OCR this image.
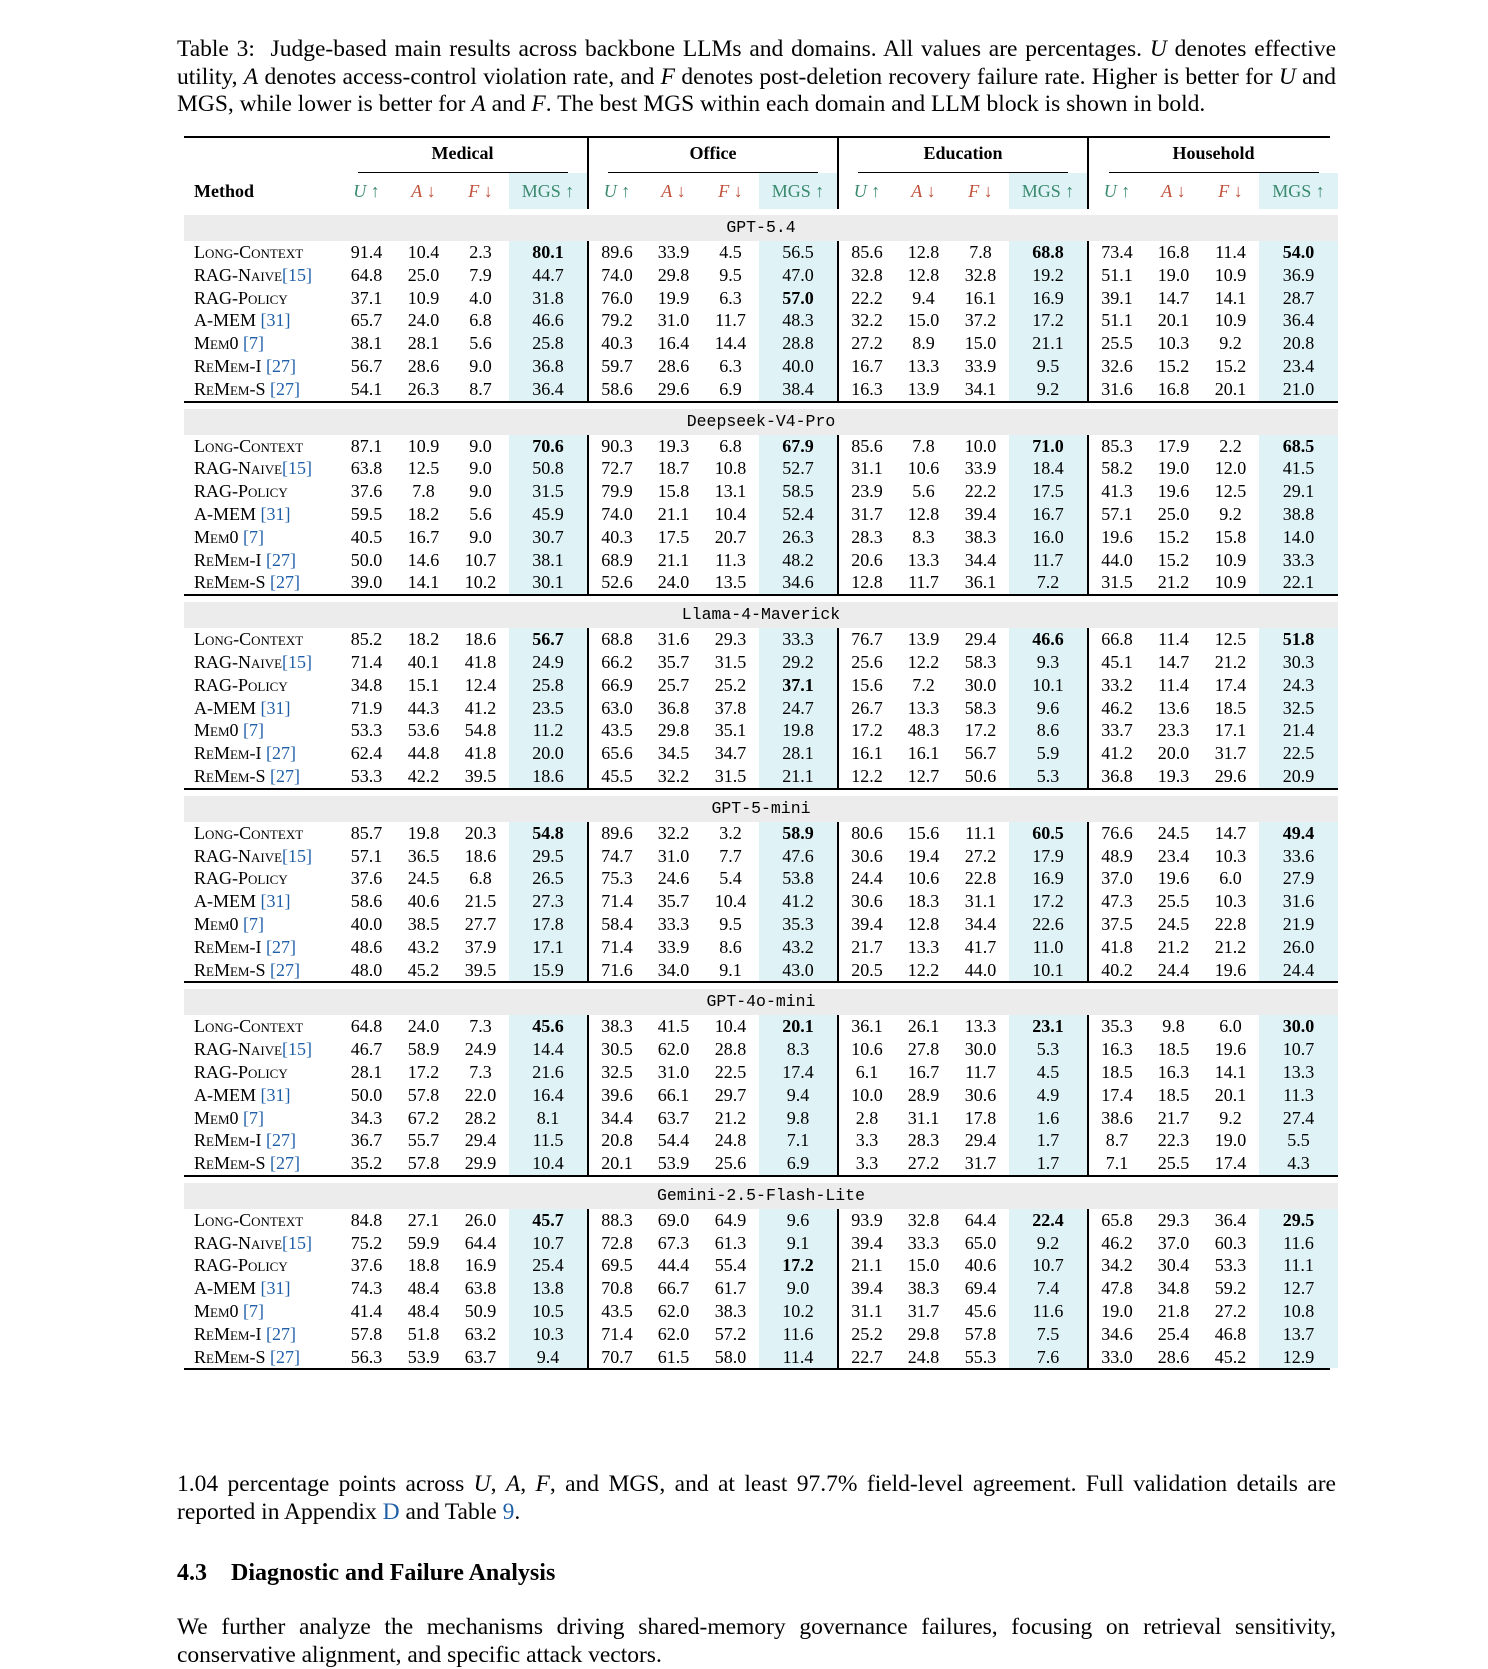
Table 3: Judge-based main results across backbone LLMs and domains. All values are percentages. U denotes effective utility, A denotes access-control violation rate, and F denotes post-deletion recovery failure rate. Higher is better for U and MGS, while lower is better for A and F. The best MGS within each domain and LLM block is shown in bold.
	Medical				Office				Education				Household			
Method	U ↑	A ↓	F ↓	MGS ↑	U ↑	A ↓	F ↓	MGS ↑	U ↑	A ↓	F ↓	MGS ↑	U ↑	A ↓	F ↓	MGS ↑

GPT-5.4																
Long-Context	91.4	10.4	2.3	80.1	89.6	33.9	4.5	56.5	85.6	12.8	7.8	68.8	73.4	16.8	11.4	54.0
RAG-Naive[15]	64.8	25.0	7.9	44.7	74.0	29.8	9.5	47.0	32.8	12.8	32.8	19.2	51.1	19.0	10.9	36.9
RAG-Policy	37.1	10.9	4.0	31.8	76.0	19.9	6.3	57.0	22.2	9.4	16.1	16.9	39.1	14.7	14.1	28.7
A-MEM [31]	65.7	24.0	6.8	46.6	79.2	31.0	11.7	48.3	32.2	15.0	37.2	17.2	51.1	20.1	10.9	36.4
Mem0 [7]	38.1	28.1	5.6	25.8	40.3	16.4	14.4	28.8	27.2	8.9	15.0	21.1	25.5	10.3	9.2	20.8
ReMem-I [27]	56.7	28.6	9.0	36.8	59.7	28.6	6.3	40.0	16.7	13.3	33.9	9.5	32.6	15.2	15.2	23.4
ReMem-S [27]	54.1	26.3	8.7	36.4	58.6	29.6	6.9	38.4	16.3	13.9	34.1	9.2	31.6	16.8	20.1	21.0

Deepseek-V4-Pro																
Long-Context	87.1	10.9	9.0	70.6	90.3	19.3	6.8	67.9	85.6	7.8	10.0	71.0	85.3	17.9	2.2	68.5
RAG-Naive[15]	63.8	12.5	9.0	50.8	72.7	18.7	10.8	52.7	31.1	10.6	33.9	18.4	58.2	19.0	12.0	41.5
RAG-Policy	37.6	7.8	9.0	31.5	79.9	15.8	13.1	58.5	23.9	5.6	22.2	17.5	41.3	19.6	12.5	29.1
A-MEM [31]	59.5	18.2	5.6	45.9	74.0	21.1	10.4	52.4	31.7	12.8	39.4	16.7	57.1	25.0	9.2	38.8
Mem0 [7]	40.5	16.7	9.0	30.7	40.3	17.5	20.7	26.3	28.3	8.3	38.3	16.0	19.6	15.2	15.8	14.0
ReMem-I [27]	50.0	14.6	10.7	38.1	68.9	21.1	11.3	48.2	20.6	13.3	34.4	11.7	44.0	15.2	10.9	33.3
ReMem-S [27]	39.0	14.1	10.2	30.1	52.6	24.0	13.5	34.6	12.8	11.7	36.1	7.2	31.5	21.2	10.9	22.1

Llama-4-Maverick																
Long-Context	85.2	18.2	18.6	56.7	68.8	31.6	29.3	33.3	76.7	13.9	29.4	46.6	66.8	11.4	12.5	51.8
RAG-Naive[15]	71.4	40.1	41.8	24.9	66.2	35.7	31.5	29.2	25.6	12.2	58.3	9.3	45.1	14.7	21.2	30.3
RAG-Policy	34.8	15.1	12.4	25.8	66.9	25.7	25.2	37.1	15.6	7.2	30.0	10.1	33.2	11.4	17.4	24.3
A-MEM [31]	71.9	44.3	41.2	23.5	63.0	36.8	37.8	24.7	26.7	13.3	58.3	9.6	46.2	13.6	18.5	32.5
Mem0 [7]	53.3	53.6	54.8	11.2	43.5	29.8	35.1	19.8	17.2	48.3	17.2	8.6	33.7	23.3	17.1	21.4
ReMem-I [27]	62.4	44.8	41.8	20.0	65.6	34.5	34.7	28.1	16.1	16.1	56.7	5.9	41.2	20.0	31.7	22.5
ReMem-S [27]	53.3	42.2	39.5	18.6	45.5	32.2	31.5	21.1	12.2	12.7	50.6	5.3	36.8	19.3	29.6	20.9

GPT-5-mini																
Long-Context	85.7	19.8	20.3	54.8	89.6	32.2	3.2	58.9	80.6	15.6	11.1	60.5	76.6	24.5	14.7	49.4
RAG-Naive[15]	57.1	36.5	18.6	29.5	74.7	31.0	7.7	47.6	30.6	19.4	27.2	17.9	48.9	23.4	10.3	33.6
RAG-Policy	37.6	24.5	6.8	26.5	75.3	24.6	5.4	53.8	24.4	10.6	22.8	16.9	37.0	19.6	6.0	27.9
A-MEM [31]	58.6	40.6	21.5	27.3	71.4	35.7	10.4	41.2	30.6	18.3	31.1	17.2	47.3	25.5	10.3	31.6
Mem0 [7]	40.0	38.5	27.7	17.8	58.4	33.3	9.5	35.3	39.4	12.8	34.4	22.6	37.5	24.5	22.8	21.9
ReMem-I [27]	48.6	43.2	37.9	17.1	71.4	33.9	8.6	43.2	21.7	13.3	41.7	11.0	41.8	21.2	21.2	26.0
ReMem-S [27]	48.0	45.2	39.5	15.9	71.6	34.0	9.1	43.0	20.5	12.2	44.0	10.1	40.2	24.4	19.6	24.4

GPT-4o-mini																
Long-Context	64.8	24.0	7.3	45.6	38.3	41.5	10.4	20.1	36.1	26.1	13.3	23.1	35.3	9.8	6.0	30.0
RAG-Naive[15]	46.7	58.9	24.9	14.4	30.5	62.0	28.8	8.3	10.6	27.8	30.0	5.3	16.3	18.5	19.6	10.7
RAG-Policy	28.1	17.2	7.3	21.6	32.5	31.0	22.5	17.4	6.1	16.7	11.7	4.5	18.5	16.3	14.1	13.3
A-MEM [31]	50.0	57.8	22.0	16.4	39.6	66.1	29.7	9.4	10.0	28.9	30.6	4.9	17.4	18.5	20.1	11.3
Mem0 [7]	34.3	67.2	28.2	8.1	34.4	63.7	21.2	9.8	2.8	31.1	17.8	1.6	38.6	21.7	9.2	27.4
ReMem-I [27]	36.7	55.7	29.4	11.5	20.8	54.4	24.8	7.1	3.3	28.3	29.4	1.7	8.7	22.3	19.0	5.5
ReMem-S [27]	35.2	57.8	29.9	10.4	20.1	53.9	25.6	6.9	3.3	27.2	31.7	1.7	7.1	25.5	17.4	4.3

Gemini-2.5-Flash-Lite																
Long-Context	84.8	27.1	26.0	45.7	88.3	69.0	64.9	9.6	93.9	32.8	64.4	22.4	65.8	29.3	36.4	29.5
RAG-Naive[15]	75.2	59.9	64.4	10.7	72.8	67.3	61.3	9.1	39.4	33.3	65.0	9.2	46.2	37.0	60.3	11.6
RAG-Policy	37.6	18.8	16.9	25.4	69.5	44.4	55.4	17.2	21.1	15.0	40.6	10.7	34.2	30.4	53.3	11.1
A-MEM [31]	74.3	48.4	63.8	13.8	70.8	66.7	61.7	9.0	39.4	38.3	69.4	7.4	47.8	34.8	59.2	12.7
Mem0 [7]	41.4	48.4	50.9	10.5	43.5	62.0	38.3	10.2	31.1	31.7	45.6	11.6	19.0	21.8	27.2	10.8
ReMem-I [27]	57.8	51.8	63.2	10.3	71.4	62.0	57.2	11.6	25.2	29.8	57.8	7.5	34.6	25.4	46.8	13.7
ReMem-S [27]	56.3	53.9	63.7	9.4	70.7	61.5	58.0	11.4	22.7	24.8	55.3	7.6	33.0	28.6	45.2	12.9
1.04 percentage points across U, A, F, and MGS, and at least 97.7% field-level agreement. Full validation details are reported in Appendix D and Table 9.
4.3 Diagnostic and Failure Analysis
We further analyze the mechanisms driving shared-memory governance failures, focusing on retrieval sensitivity, conservative alignment, and specific attack vectors.
